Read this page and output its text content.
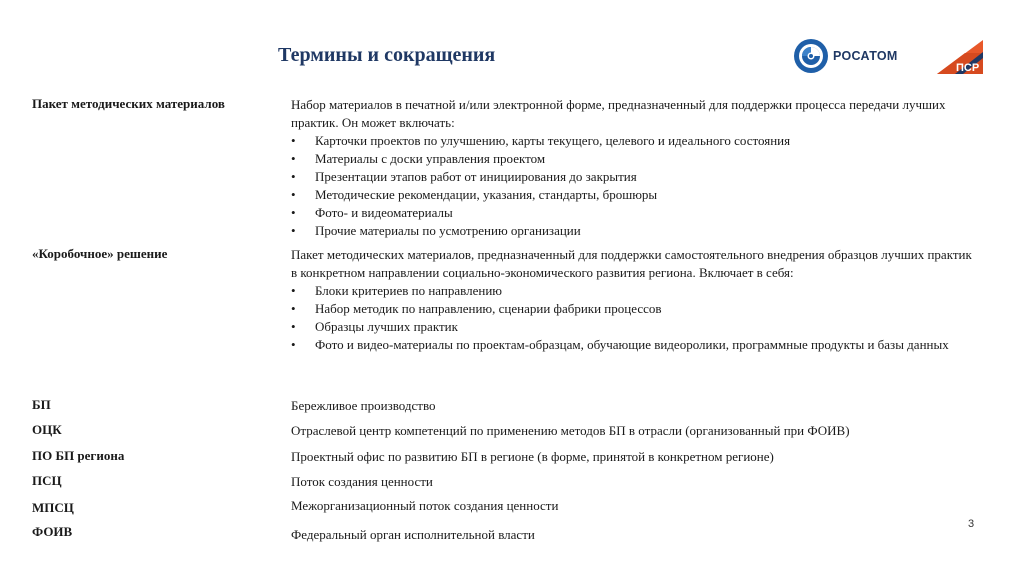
Термины и сокращения	РОСАТОМ
ПСР
Пакет методических материалов	Набор материалов в печатной и/или электронной форме, предназначенный для поддержки процесса передачи лучших практик. Он может включать:

• Карточки проектов по улучшению, карты текущего, целевого и идеального состояния
• Материалы с доски управления проектом
• Презентации этапов работ от инициирования до закрытия
• Методические рекомендации, указания, стандарты, брошюры
• Фото- и видеоматериалы
• Прочие материалы по усмотрению организации
«Коробочное» решение	Пакет методических материалов, предназначенный для поддержки самостоятельного внедрения образцов лучших практик в конкретном направлении социально-экономического развития региона. Включает в себя:

• Блоки критериев по направлению
• Набор методик по направлению, сценарии фабрики процессов
• Образцы лучших практик
• Фото и видео-материалы по проектам-образцам, обучающие видеоролики, программные продукты и базы данных
БП	Бережливое производство
ОЦК	Отраслевой центр компетенций по применению методов БП в отрасли (организованный при ФОИВ)
ПО БП региона	Проектный офис по развитию БП в регионе (в форме, принятой в конкретном регионе)
ПСЦ	Поток создания ценности
МПСЦ	Межорганизационный поток создания ценности
ФОИВ	Федеральный орган исполнительной власти
3
